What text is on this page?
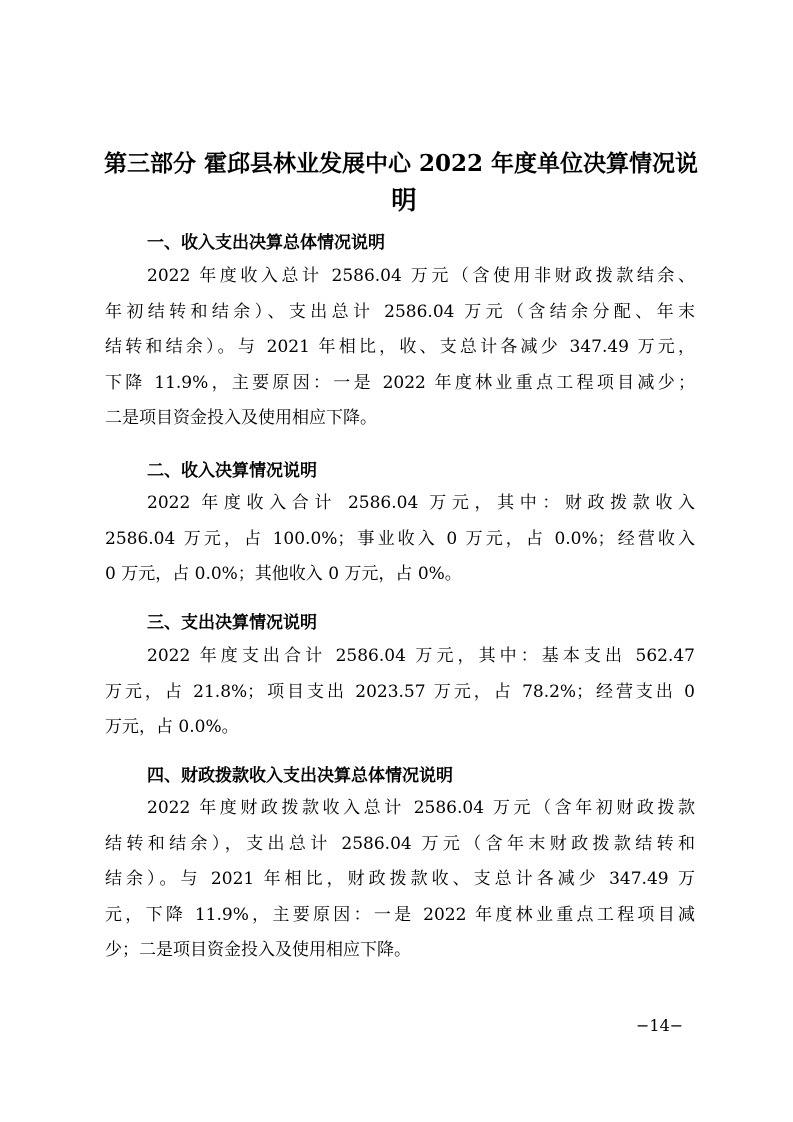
第三部分 霍邱县林业发展中心 2022 年度单位决算情况说
明
一、收入支出决算总体情况说明
2022 年度收入总计 2586.04 万元（含使用非财政拨款结余、
年初结转和结余）、支出总计 2586.04 万元（含结余分配、年末
结转和结余）。与 2021 年相比，收、支总计各减少 347.49 万元，
下降 11.9%，主要原因：一是 2022 年度林业重点工程项目减少；
二是项目资金投入及使用相应下降。
二、收入决算情况说明
2022 年度收入合计 2586.04 万元，其中：财政拨款收入
2586.04 万元，占 100.0%；事业收入 0 万元，占 0.0%；经营收入
0 万元，占 0.0%；其他收入 0 万元，占 0%。
三、支出决算情况说明
2022 年度支出合计 2586.04 万元，其中：基本支出 562.47
万元，占 21.8%；项目支出 2023.57 万元，占 78.2%；经营支出 0
万元，占 0.0%。
四、财政拨款收入支出决算总体情况说明
2022 年度财政拨款收入总计 2586.04 万元（含年初财政拨款
结转和结余），支出总计 2586.04 万元（含年末财政拨款结转和
结余）。与 2021 年相比，财政拨款收、支总计各减少 347.49 万
元，下降 11.9%，主要原因：一是 2022 年度林业重点工程项目减
少；二是项目资金投入及使用相应下降。
−14−
